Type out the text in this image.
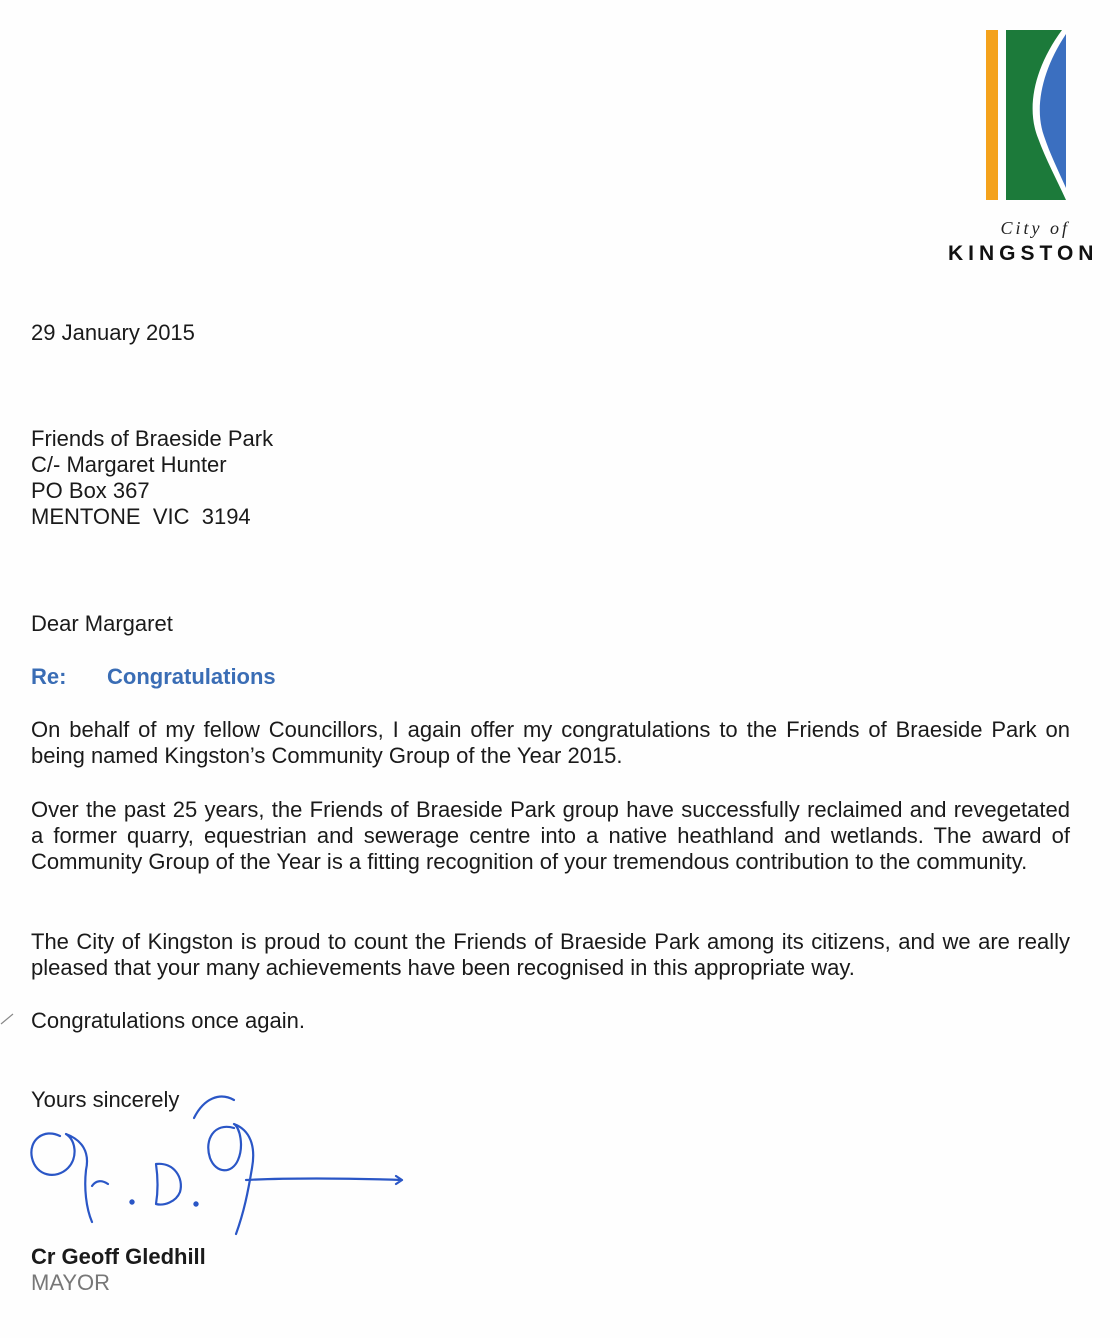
City of
KINGSTON
29 January 2015
Friends of Braeside Park
C/- Margaret Hunter
PO Box 367
MENTONE  VIC  3194
Dear Margaret
Re: Congratulations
On behalf of my fellow Councillors, I again offer my congratulations to the Friends of Braeside Park on being named Kingston’s Community Group of the Year 2015.
Over the past 25 years, the Friends of Braeside Park group have successfully reclaimed and revegetated a former quarry, equestrian and sewerage centre into a native heathland and wetlands. The award of Community Group of the Year is a fitting recognition of your tremendous contribution to the community.
The City of Kingston is proud to count the Friends of Braeside Park among its citizens, and we are really pleased that your many achievements have been recognised in this appropriate way.
Congratulations once again.
Yours sincerely
Cr Geoff Gledhill
MAYOR
